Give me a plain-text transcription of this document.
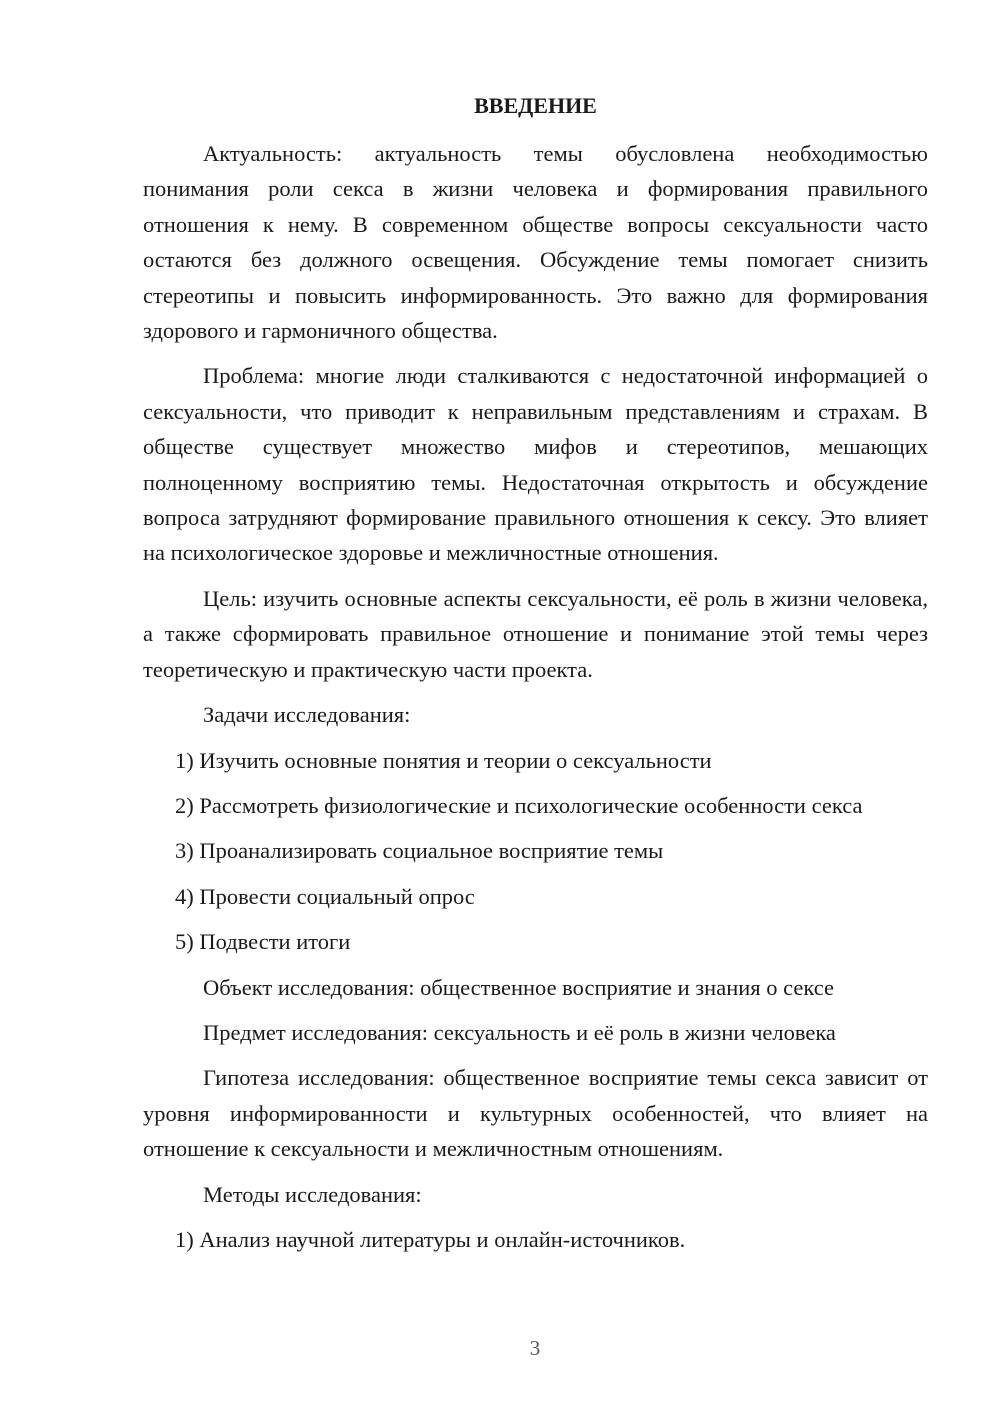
ВВЕДЕНИЕ

Актуальность: актуальность темы обусловлена необходимостью понимания роли секса в жизни человека и формирования правильного отношения к нему. В современном обществе вопросы сексуальности часто остаются без должного освещения. Обсуждение темы помогает снизить стереотипы и повысить информированность. Это важно для формирования здорового и гармоничного общества.

Проблема: многие люди сталкиваются с недостаточной информацией о сексуальности, что приводит к неправильным представлениям и страхам. В обществе существует множество мифов и стереотипов, мешающих полноценному восприятию темы. Недостаточная открытость и обсуждение вопроса затрудняют формирование правильного отношения к сексу. Это влияет на психологическое здоровье и межличностные отношения.

Цель: изучить основные аспекты сексуальности, её роль в жизни человека, а также сформировать правильное отношение и понимание этой темы через теоретическую и практическую части проекта.

Задачи исследования:
1) Изучить основные понятия и теории о сексуальности
2) Рассмотреть физиологические и психологические особенности секса
3) Проанализировать социальное восприятие темы
4) Провести социальный опрос
5) Подвести итоги
Объект исследования: общественное восприятие и знания о сексе
Предмет исследования: сексуальность и её роль в жизни человека

Гипотеза исследования: общественное восприятие темы секса зависит от уровня информированности и культурных особенностей, что влияет на отношение к сексуальности и межличностным отношениям.

Методы исследования:
1) Анализ научной литературы и онлайн-источников.
3
